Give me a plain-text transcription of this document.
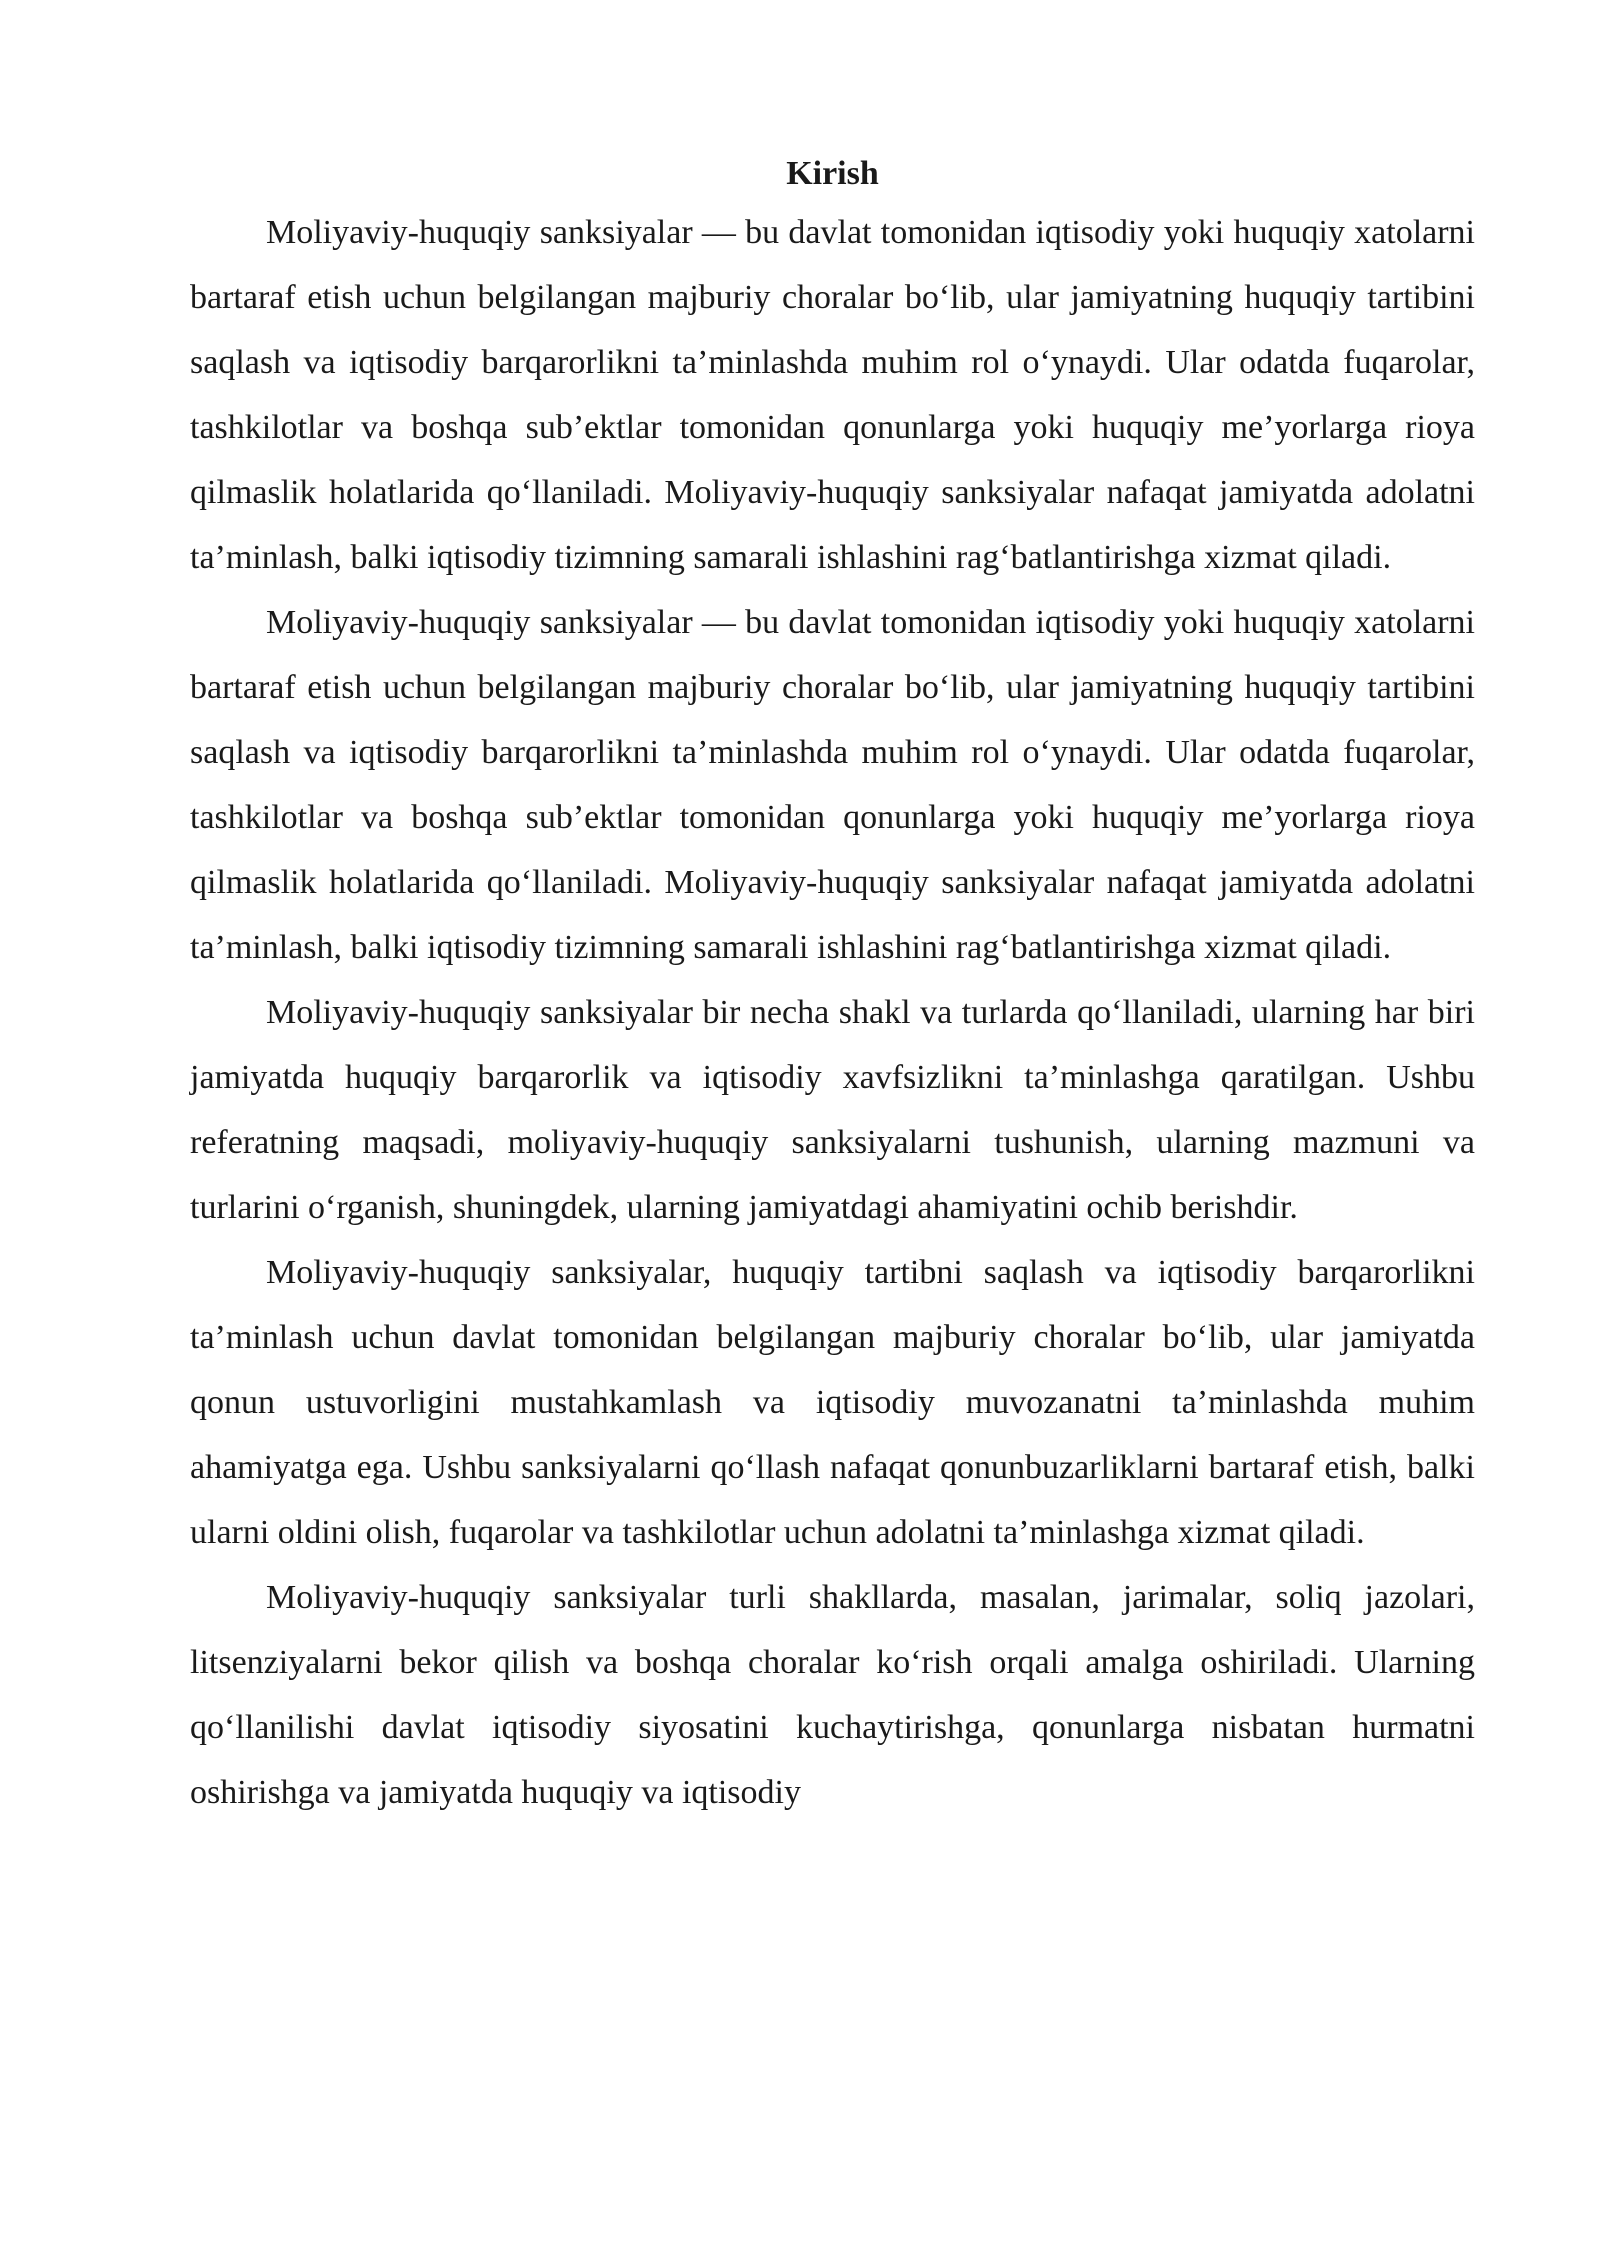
Kirish

Moliyaviy-huquqiy sanksiyalar — bu davlat tomonidan iqtisodiy yoki huquqiy xatolarni bartaraf etish uchun belgilangan majburiy choralar bo‘lib, ular jamiyatning huquqiy tartibini saqlash va iqtisodiy barqarorlikni ta’minlashda muhim rol o‘ynaydi. Ular odatda fuqarolar, tashkilotlar va boshqa sub’ektlar tomonidan qonunlarga yoki huquqiy me’yorlarga rioya qilmaslik holatlarida qo‘llaniladi. Moliyaviy-huquqiy sanksiyalar nafaqat jamiyatda adolatni ta’minlash, balki iqtisodiy tizimning samarali ishlashini rag‘batlantirishga xizmat qiladi.

Moliyaviy-huquqiy sanksiyalar — bu davlat tomonidan iqtisodiy yoki huquqiy xatolarni bartaraf etish uchun belgilangan majburiy choralar bo‘lib, ular jamiyatning huquqiy tartibini saqlash va iqtisodiy barqarorlikni ta’minlashda muhim rol o‘ynaydi. Ular odatda fuqarolar, tashkilotlar va boshqa sub’ektlar tomonidan qonunlarga yoki huquqiy me’yorlarga rioya qilmaslik holatlarida qo‘llaniladi. Moliyaviy-huquqiy sanksiyalar nafaqat jamiyatda adolatni ta’minlash, balki iqtisodiy tizimning samarali ishlashini rag‘batlantirishga xizmat qiladi.

Moliyaviy-huquqiy sanksiyalar bir necha shakl va turlarda qo‘llaniladi, ularning har biri jamiyatda huquqiy barqarorlik va iqtisodiy xavfsizlikni ta’minlashga qaratilgan. Ushbu referatning maqsadi, moliyaviy-huquqiy sanksiyalarni tushunish, ularning mazmuni va turlarini o‘rganish, shuningdek, ularning jamiyatdagi ahamiyatini ochib berishdir.

Moliyaviy-huquqiy sanksiyalar, huquqiy tartibni saqlash va iqtisodiy barqarorlikni ta’minlash uchun davlat tomonidan belgilangan majburiy choralar bo‘lib, ular jamiyatda qonun ustuvorligini mustahkamlash va iqtisodiy muvozanatni ta’minlashda muhim ahamiyatga ega. Ushbu sanksiyalarni qo‘llash nafaqat qonunbuzarliklarni bartaraf etish, balki ularni oldini olish, fuqarolar va tashkilotlar uchun adolatni ta’minlashga xizmat qiladi.

Moliyaviy-huquqiy sanksiyalar turli shakllarda, masalan, jarimalar, soliq jazolari, litsenziyalarni bekor qilish va boshqa choralar ko‘rish orqali amalga oshiriladi. Ularning qo‘llanilishi davlat iqtisodiy siyosatini kuchaytirishga, qonunlarga nisbatan hurmatni oshirishga va jamiyatda huquqiy va iqtisodiy
